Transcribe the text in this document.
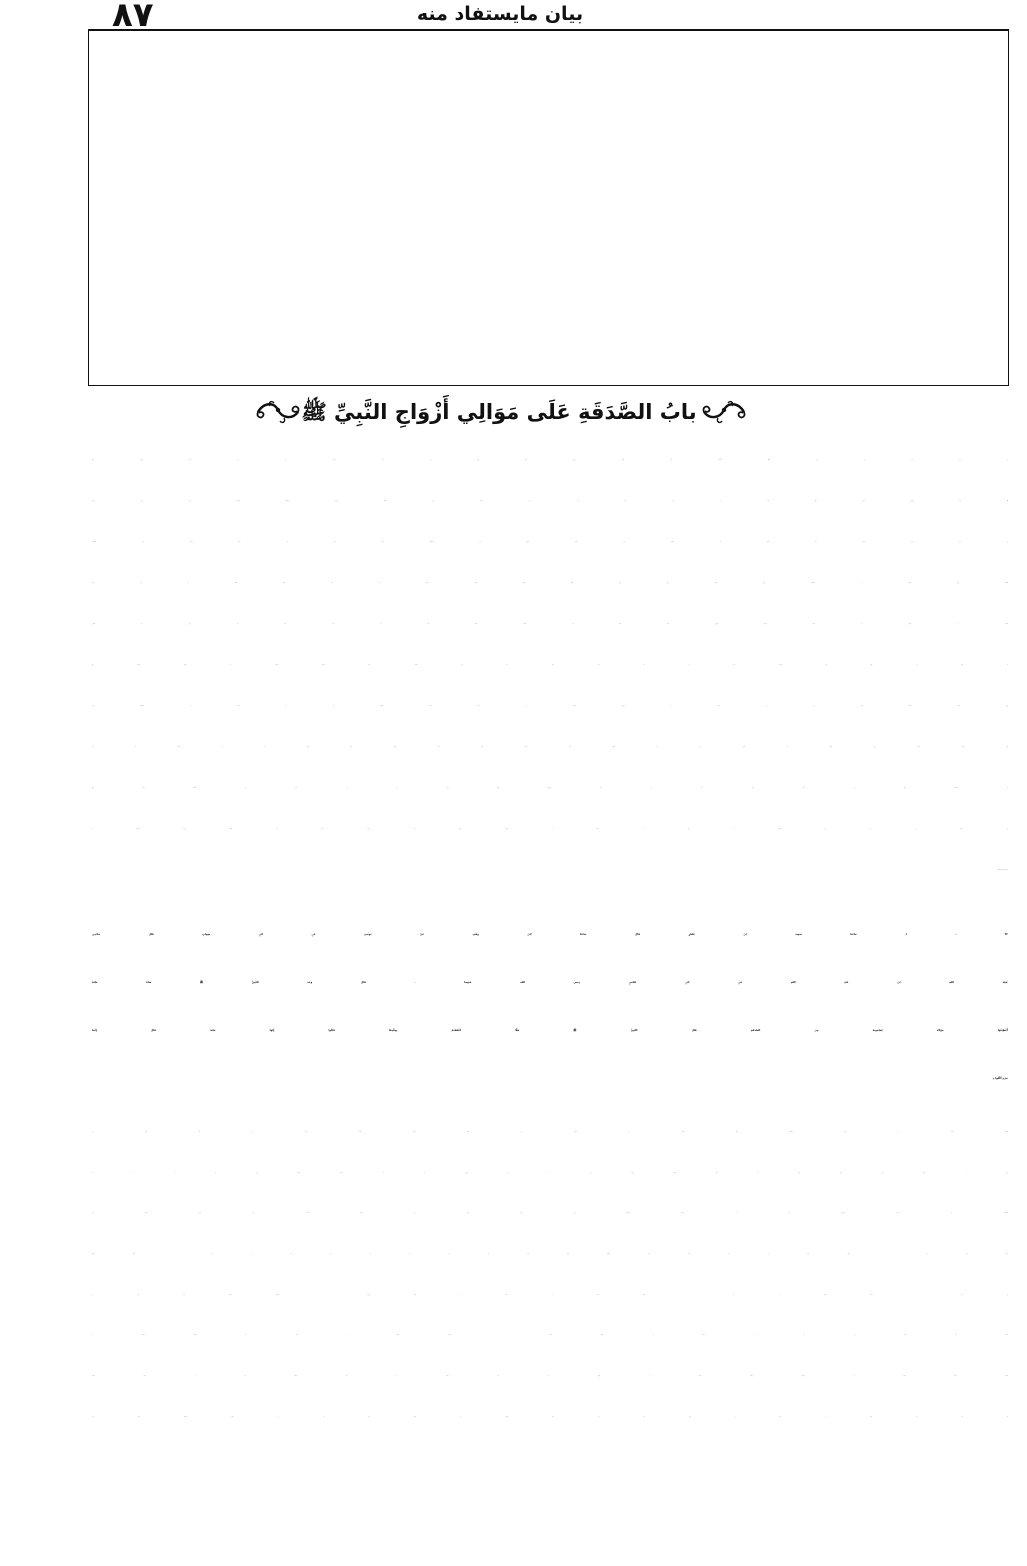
٨٧	بيان مايستفاد منه
بابُ الصَّدَقَةِ عَلَى مَوَالِي أَزْوَاجِ النَّبِيِّ ﷺ
٩٢ ـ ﴿ حَدَّثَنَا سَعِيدُ بْنُ عُفَيْرٍ قَالَ حَدَّثَنَا ابْنُ وَهْبٍ عَنْ يُونُسَ عَنِ ابْنِ شِهَابٍ قَالَ حَدَّثَنِي
عُبَيْدُ اللهِ بْنُ عَبْدِ اللهِ عَنِ ابْنِ عَبَّاسٍ رضي الله عنهما . قَالَ وَجَدَ النَّبِيُّ ﷺ شَاةً مَيِّتَةً
أُعْطِيَتْهَا مَوْلَاةٌ لِمَيْمُونَةَ مِنَ الصَّدَقَةِ قَالَ النَّبِيُّ ﷺ هَلَّا انْتَفَعْتُمْ بِجِلْدِهَا قَالُوا إِنَّهَا مَيْتَةٌ قَالَ إِنَّمَا
حَرُمَ أَكْلُهَا ۞
